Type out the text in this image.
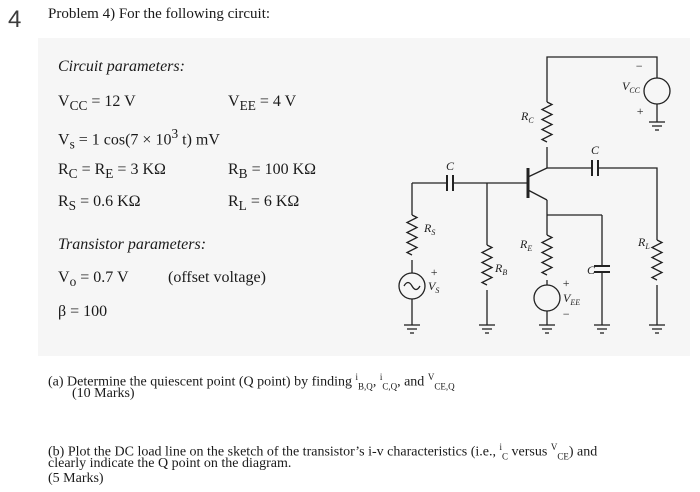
4 Problem 4) For the following circuit:
Circuit parameters:
$V_{CC} = 12$ V	$V_{EE} = 4$ V
$V_s = 1$ $\cos(7 \times 10^3$ t) mV
$R_C = R_E = 3$ KΩ	$R_B = 100$ KΩ
$R_S = 0.6$ KΩ	$R_L = 6$ KΩ
Transistor parameters:
$V_o = 0.7$ V (offset voltage)
β = 100
$R_C$
$R_E$
$R_B$
$R_S$
$R_L$
C
C
C
$V_{CC}$
−
+
$V_{EE}$
+
−
$V_S$
+
(a) Determine the quiescent point (Q point) by finding $^i_{B,Q}$, $^i_{C,Q}$, and $^V_{CE,Q}$
(10 Marks)
(b) Plot the DC load line on the sketch of the transistor’s i-v characteristics (i.e., $^i_C$ versus $^V_{CE}$) and
clearly indicate the Q point on the diagram.
(5 Marks)
